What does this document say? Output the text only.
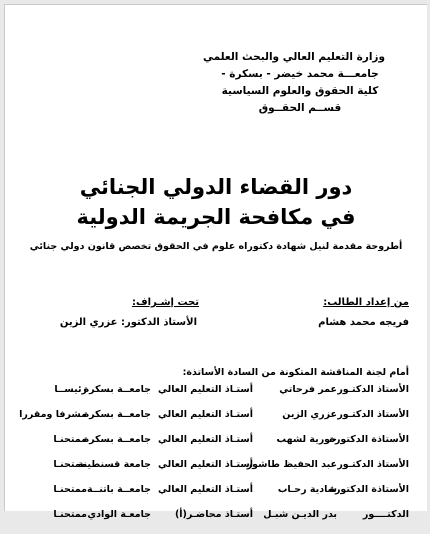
وزارة التعليم العالي والبحث العلمي
جامعـــة محمد خيضر - بسكرة -
كلية الحقوق والعلوم السياسية
قســم الحقــوق
دور القضاء الدولي الجنائي
في مكافحة الجريمة الدولية
أطروحة مقدمة لنيل شهادة دكتوراه علوم في الحقوق تخصص قانون دولي جنائي
من إعداد الطالب:
فريجه محمد هشام
تحت إشـراف:
الأستاذ الدكتور: عزري الزين
أمام لجنة المناقشة المتكونة من السادة الأساتذة:
الأستاذ الدكتـور
عمر فرحاتي
أستـاذ التعليم العالي
جامعــة بسكرة
رئيســا
الأستاذ الدكتـور
عزري الزين
أستـاذ التعليم العالي
جامعــة بسكرة
مشرفا ومقررا
الأستاذة الدكتورة
حورية لشهب
أستـاذ التعليم العالي
جامعــة بسكرة
ممتحنـا
الأستاذ الدكتـور
عبد الحفيظ طاشور
أستـاذ التعليم العالي
جامعة قسنطينة
ممتحنـا
الأستاذة الدكتورة
شادية رحـاب
أستـاذ التعليم العالي
جامعــة باتنــة
ممتحنـا
الدكتــــور
بدر الديـن شبـل
أستـاذ محاضـر(أ)
جامعـة الوادي
ممتحنـا
